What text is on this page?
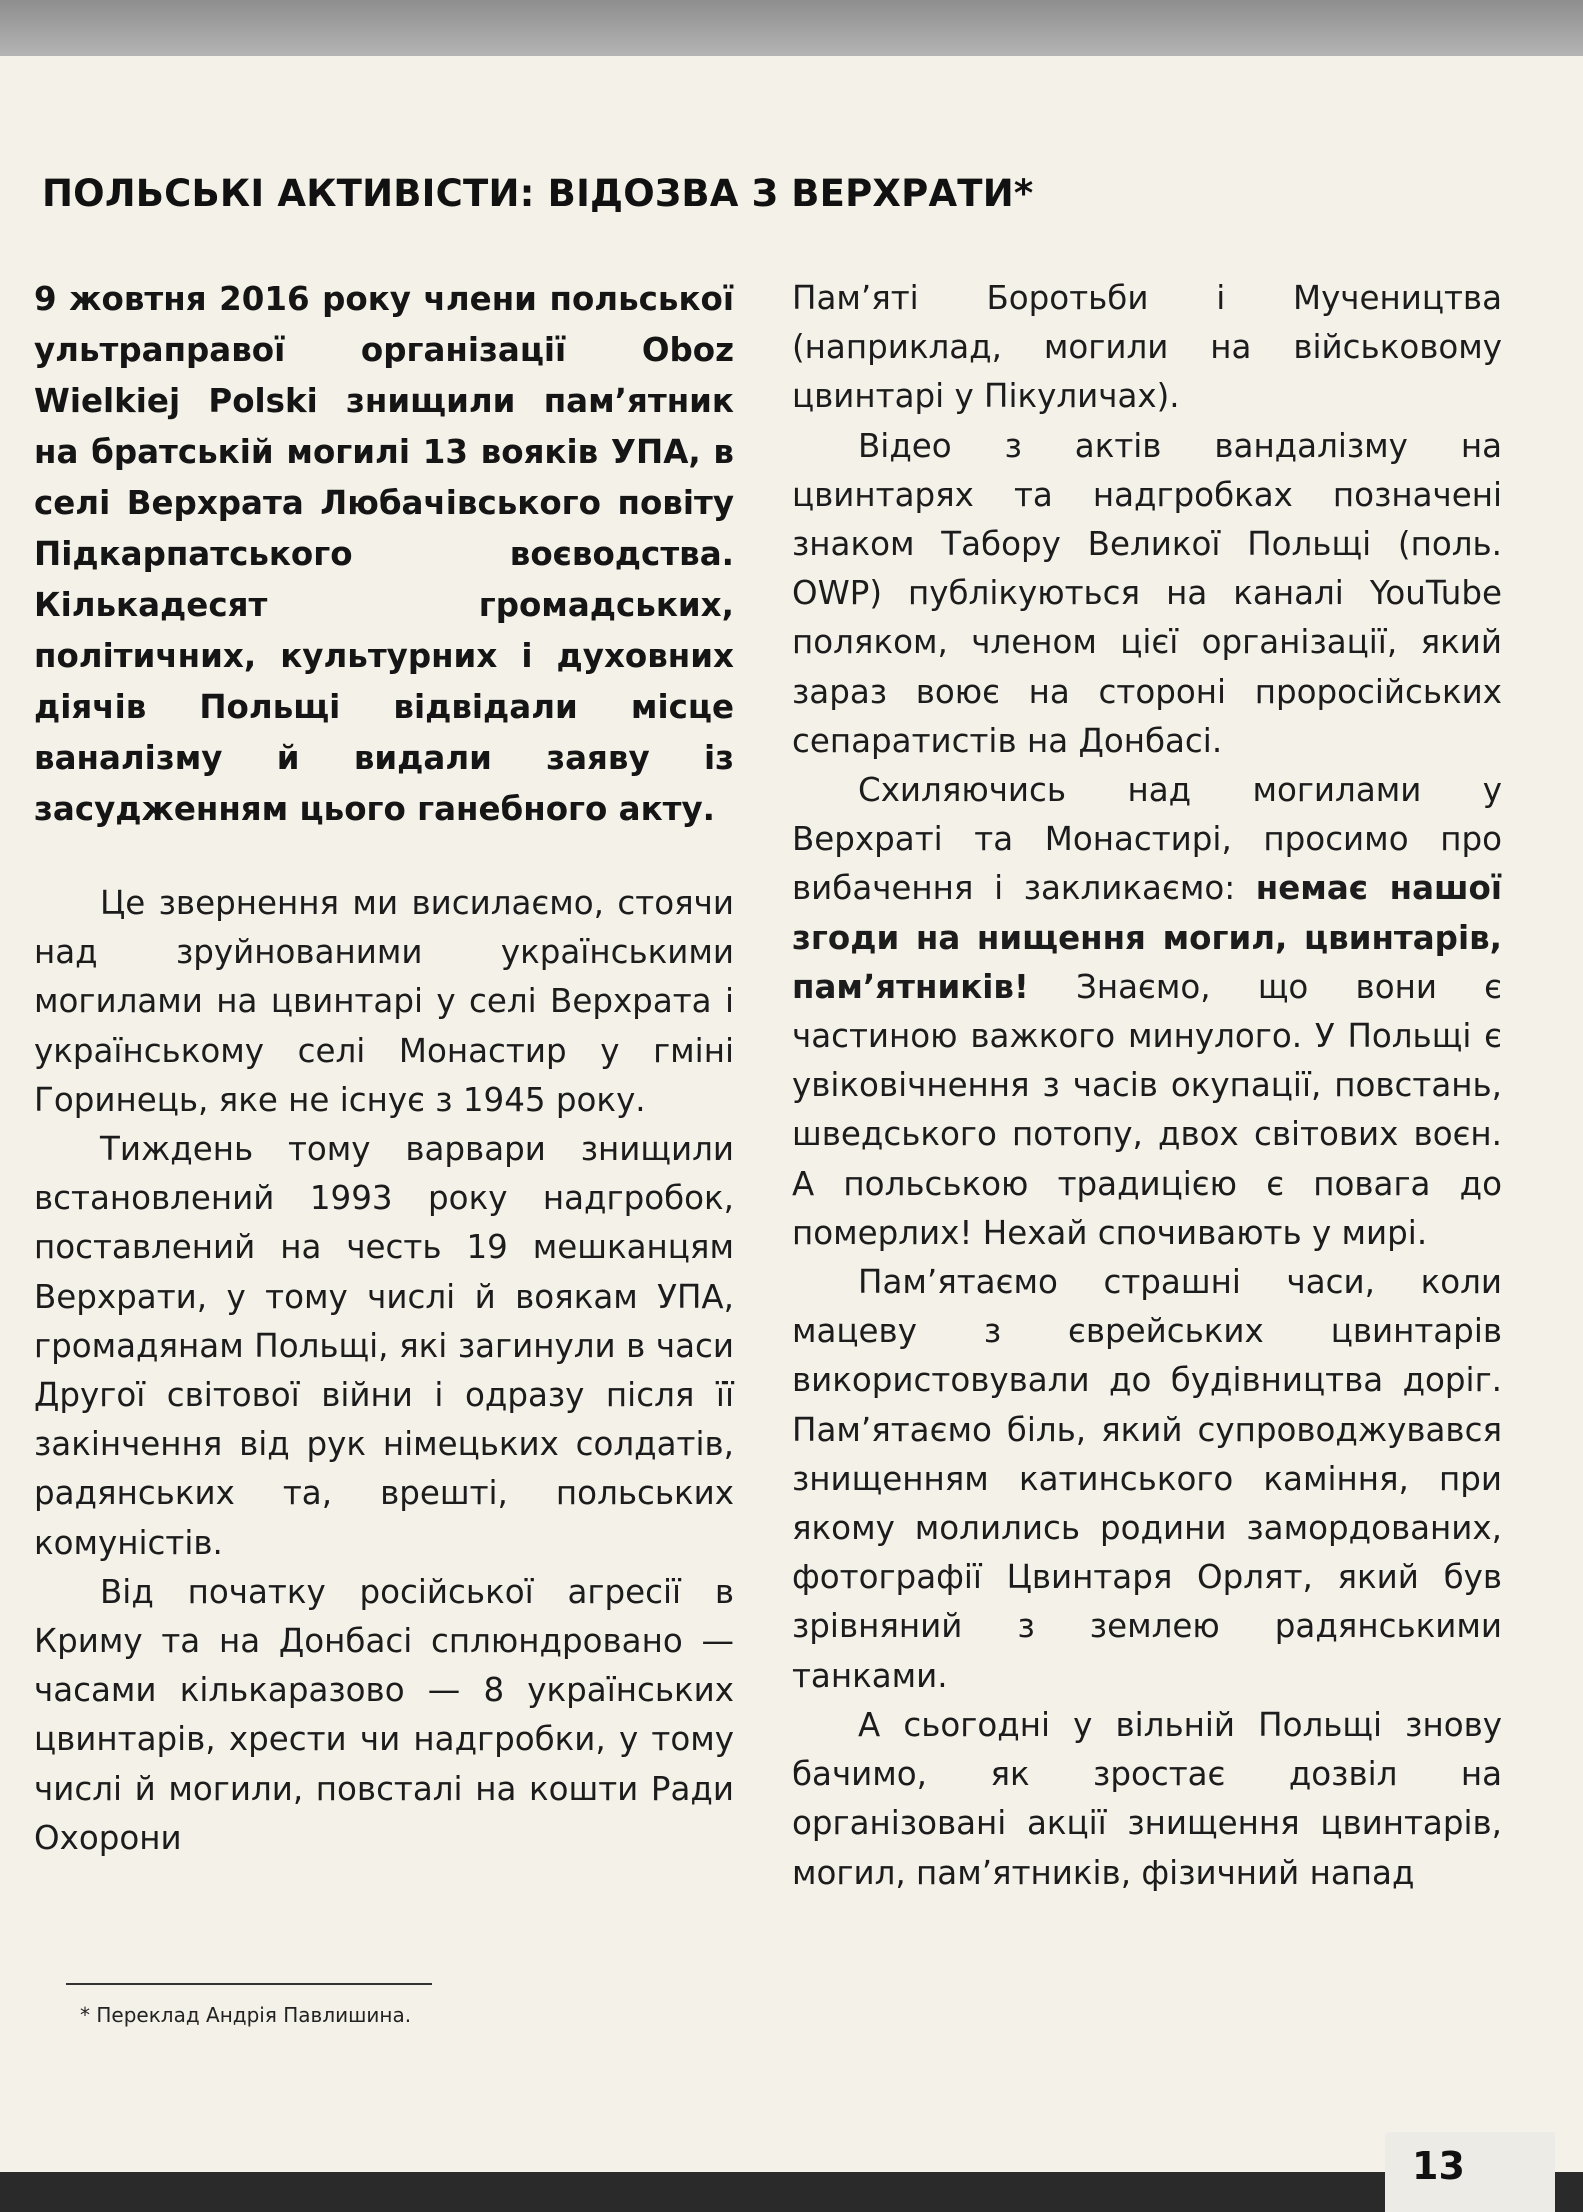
ПОЛЬСЬКІ АКТИВІСТИ: ВІДОЗВА З ВЕРХРАТИ*

9 жовтня 2016 року члени польської ультраправої організації Oboz Wielkiej Polski знищили пам’ятник на братській могилі 13 вояків УПА, в селі Верхрата Любачівського повіту Підкарпатського воєводства. Кількадесят громадських, політичних, культурних і духовних діячів Польщі відвідали місце ваналізму й видали заяву із засудженням цього ганебного акту.

Це звернення ми висилаємо, стоячи над зруйнованими українськими могилами на цвинтарі у селі Верхрата і українському селі Монастир у гміні Горинець, яке не існує з 1945 року.

Тиждень тому варвари знищили встановлений 1993 року надгробок, поставлений на честь 19 мешканцям Верхрати, у тому числі й воякам УПА, громадянам Польщі, які загинули в часи Другої світової війни і одразу після її закінчення від рук німецьких солдатів, радянських та, врешті, польських комуністів.

Від початку російської агресії в Криму та на Донбасі сплюндровано — часами кількаразово — 8 українських цвинтарів, хрести чи надгробки, у тому числі й могили, повсталі на кошти Ради Охорони

Пам’яті Боротьби і Мучеництва (наприклад, могили на військовому цвинтарі у Пікуличах).

Відео з актів вандалізму на цвинтарях та надгробках позначені знаком Табору Великої Польщі (поль. OWP) публікуються на каналі YouTube поляком, членом цієї організації, який зараз воює на стороні проросійських сепаратистів на Донбасі.

Схиляючись над могилами у Верхраті та Монастирі, просимо про вибачення і закликаємо: немає нашої згоди на нищення могил, цвинтарів, пам’ятників! Знаємо, що вони є частиною важкого минулого. У Польщі є увіковічнення з часів окупації, повстань, шведського потопу, двох світових воєн. А польською традицією є повага до померлих! Нехай спочивають у мирі.

Пам’ятаємо страшні часи, коли мацеву з єврейських цвинтарів використовували до будівництва доріг. Пам’ятаємо біль, який супроводжувався знищенням катинського каміння, при якому молились родини замордованих, фотографії Цвинтаря Орлят, який був зрівняний з землею радянськими танками.

А сьогодні у вільній Польщі знову бачимо, як зростає дозвіл на організовані акції знищення цвинтарів, могил, пам’ятників, фізичний напад

* Переклад Андрія Павлишина.
13
